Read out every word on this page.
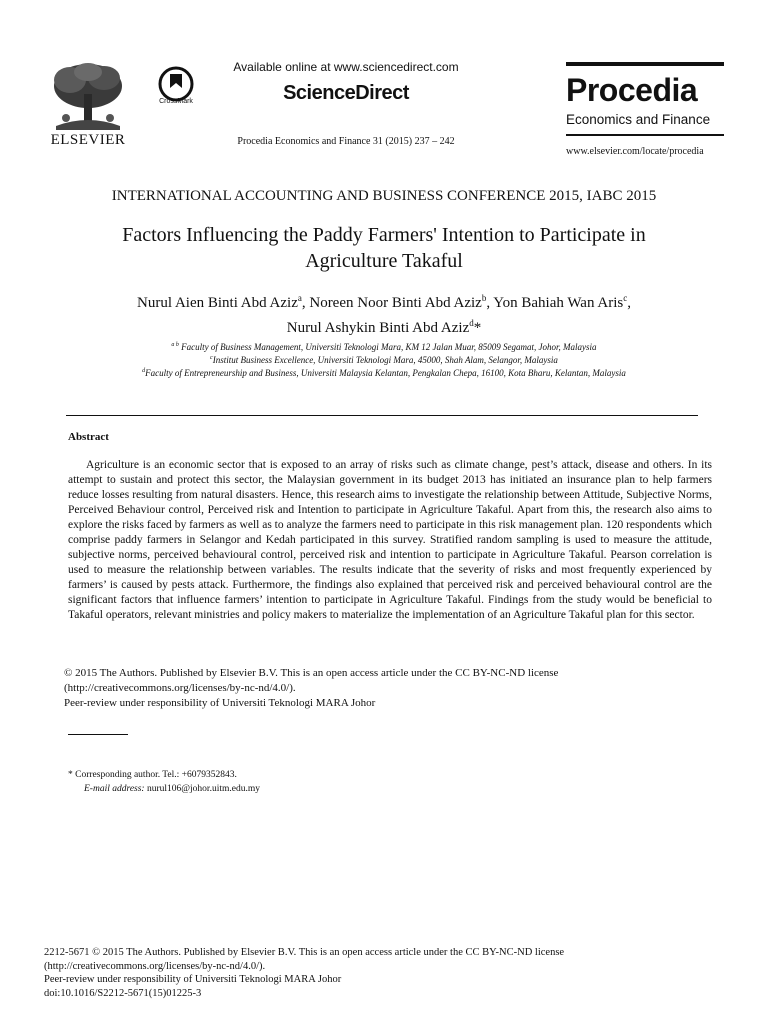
ELSEVIER
CrossMark
Available online at www.sciencedirect.com
ScienceDirect
Procedia Economics and Finance 31 (2015) 237 – 242
Procedia
Economics and Finance
www.elsevier.com/locate/procedia
INTERNATIONAL ACCOUNTING AND BUSINESS CONFERENCE 2015, IABC 2015
Factors Influencing the Paddy Farmers' Intention to Participate in
Agriculture Takaful
Nurul Aien Binti Abd Aziz$^a$, Noreen Noor Binti Abd Aziz$^b$, Yon Bahiah Wan Aris$^c$,
Nurul Ashykin Binti Abd Aziz$^d$*
$^{a b}$ Faculty of Business Management, Universiti Teknologi Mara, KM 12 Jalan Muar, 85009 Segamat, Johor, Malaysia
$^c$Institut Business Excellence, Universiti Teknologi Mara, 45000, Shah Alam, Selangor, Malaysia
$^d$Faculty of Entrepreneurship and Business, Universiti Malaysia Kelantan, Pengkalan Chepa, 16100, Kota Bharu, Kelantan, Malaysia
Abstract
Agriculture is an economic sector that is exposed to an array of risks such as climate change, pest’s attack, disease and others. In its attempt to sustain and protect this sector, the Malaysian government in its budget 2013 has initiated an insurance plan to help farmers reduce losses resulting from natural disasters. Hence, this research aims to investigate the relationship between Attitude, Subjective Norms, Perceived Behaviour control, Perceived risk and Intention to participate in Agriculture Takaful. Apart from this, the research also aims to explore the risks faced by farmers as well as to analyze the farmers need to participate in this risk management plan. 120 respondents which comprise paddy farmers in Selangor and Kedah participated in this survey. Stratified random sampling is used to measure the attitude, subjective norms, perceived behavioural control, perceived risk and intention to participate in Agriculture Takaful. Pearson correlation is used to measure the relationship between variables. The results indicate that the severity of risks and most frequently experienced by farmers’ is caused by pests attack. Furthermore, the findings also explained that perceived risk and perceived behavioural control are the significant factors that influence farmers’ intention to participate in Agriculture Takaful. Findings from the study would be beneficial to Takaful operators, relevant ministries and policy makers to materialize the implementation of an Agriculture Takaful plan for this sector.
© 2015 The Authors. Published by Elsevier B.V. This is an open access article under the CC BY-NC-ND license
(http://creativecommons.org/licenses/by-nc-nd/4.0/).
Peer-review under responsibility of Universiti Teknologi MARA Johor
* Corresponding author. Tel.: +6079352843.
E-mail address: nurul106@johor.uitm.edu.my
2212-5671 © 2015 The Authors. Published by Elsevier B.V. This is an open access article under the CC BY-NC-ND license
(http://creativecommons.org/licenses/by-nc-nd/4.0/).
Peer-review under responsibility of Universiti Teknologi MARA Johor
doi:10.1016/S2212-5671(15)01225-3
